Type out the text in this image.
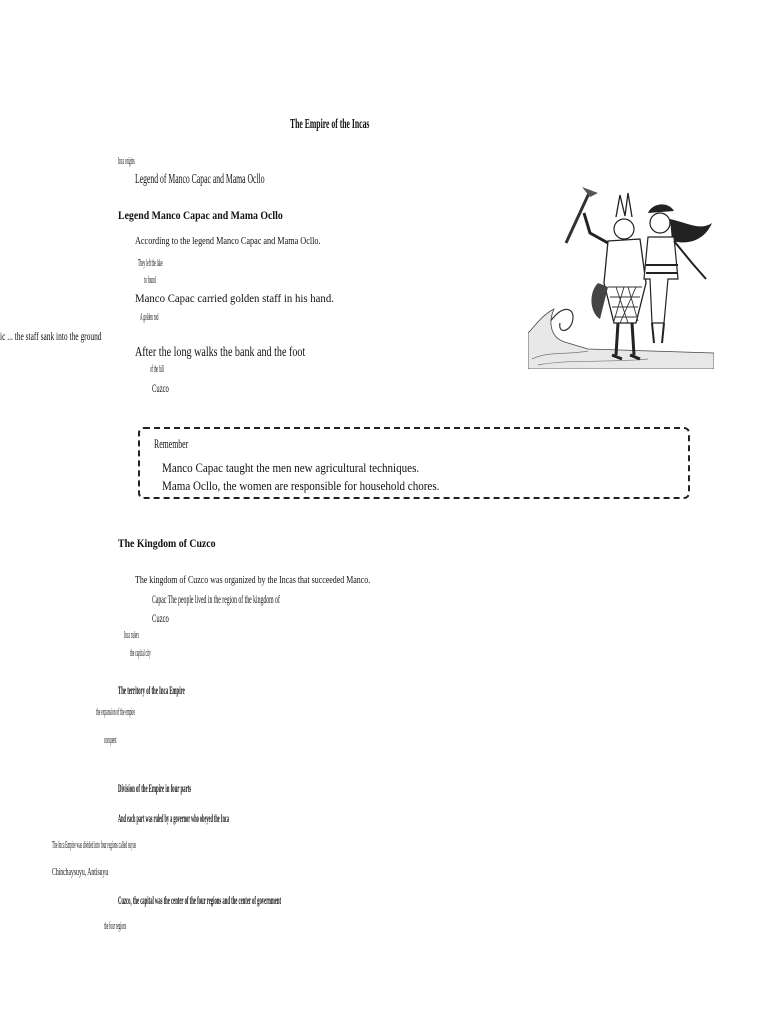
The Empire of the Incas
Inca origins
Legend of Manco Capac and Mama Ocllo
Legend Manco Capac and Mama Ocllo
According to the legend Manco Capac and Mama Ocllo.
They left the lake
to found
Manco Capac carried golden staff in his hand.
A golden rod
ic ... the staff sank into the ground
After the long walks the bank and the foot
of the hill
Cuzco
Remember
Manco Capac taught the men new agricultural techniques.
Mama Ocllo, the women are responsible for household chores.
The Kingdom of Cuzco
The kingdom of Cuzco was organized by the Incas that succeeded Manco.
Capac The people lived in the region of the kingdom of
Cuzco
Inca rulers
the capital city
The territory of the Inca Empire
the expansion of the empire
conquest
Division of the Empire in four parts
And each part was ruled by a governor who obeyed the Inca
The Inca Empire was divided into four regions called suyus
Chinchaysuyu, Antisuyu
Cuzco, the capital was the center of the four regions and the center of government
the four regions
